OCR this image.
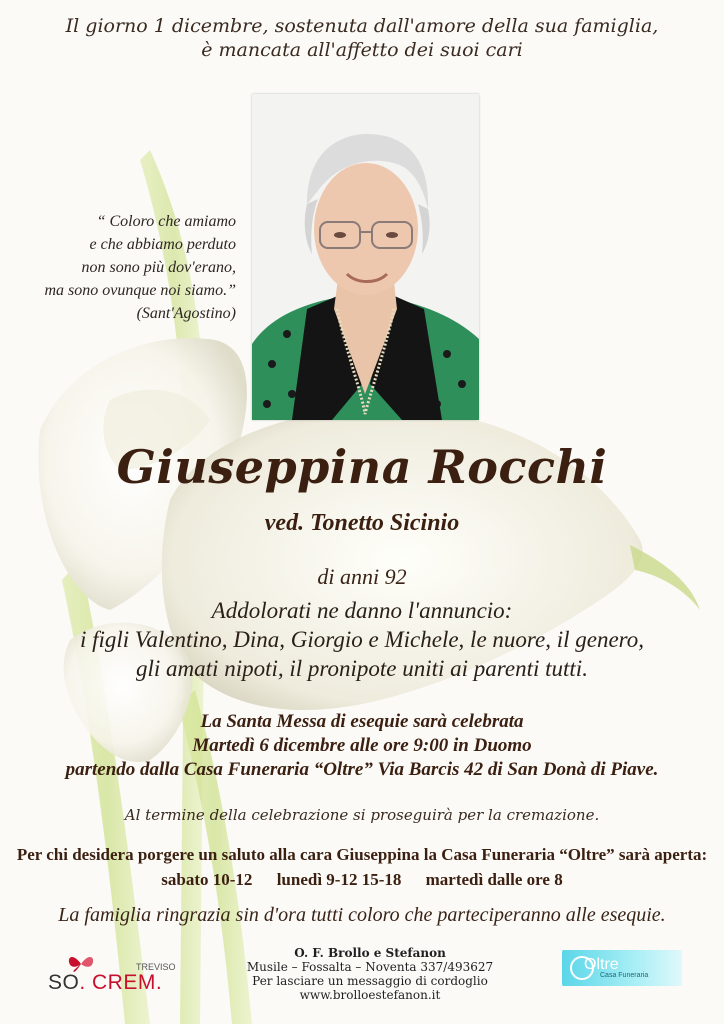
Il giorno 1 dicembre, sostenuta dall'amore della sua famiglia,
è mancata all'affetto dei suoi cari
“ Coloro che amiamo
e che abbiamo perduto
non sono più dov'erano,
ma sono ovunque noi siamo.”
(Sant'Agostino)
Giuseppina Rocchi
ved. Tonetto Sicinio
di anni 92
Addolorati ne danno l'annuncio:
i figli Valentino, Dina, Giorgio e Michele, le nuore, il genero,
gli amati nipoti, il pronipote uniti ai parenti tutti.
La Santa Messa di esequie sarà celebrata
Martedì 6 dicembre alle ore 9:00 in Duomo
partendo dalla Casa Funeraria “Oltre” Via Barcis 42 di San Donà di Piave.
Al termine della celebrazione si proseguirà per la cremazione.
Per chi desidera porgere un saluto alla cara Giuseppina la Casa Funeraria “Oltre” sarà aperta:
sabato 10-12 lunedì 9-12 15-18 martedì dalle ore 8
La famiglia ringrazia sin d'ora tutti coloro che parteciperanno alle esequie.
TREVISO
SO. CREM.
O. F. Brollo e Stefanon
Musile – Fossalta – Noventa 337/493627
Per lasciare un messaggio di cordoglio
www.brolloestefanon.it
Oltre
Casa Funeraria
